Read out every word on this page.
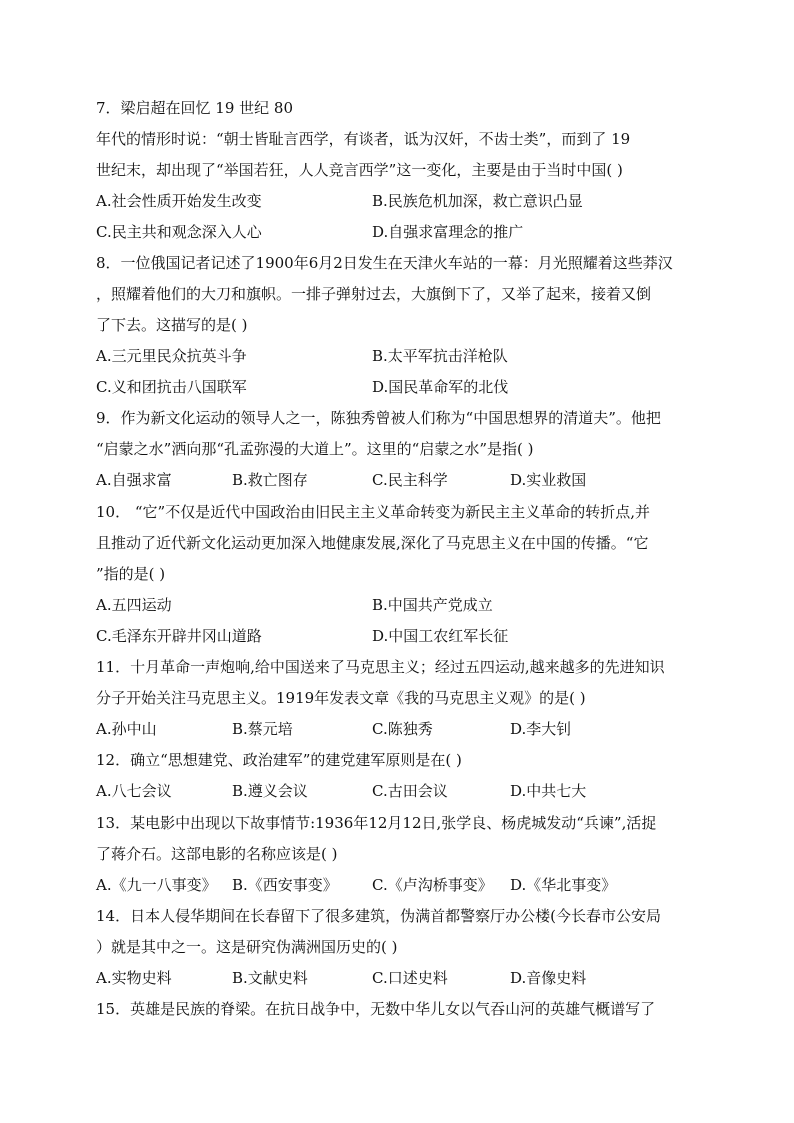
7．梁启超在回忆 19 世纪 80
年代的情形时说：“朝士皆耻言西学，有谈者，诋为汉奸，不齿士类”，而到了 19
世纪末，却出现了“举国若狂，人人竞言西学”这一变化，主要是由于当时中国( )
A.社会性质开始发生改变	B.民族危机加深，救亡意识凸显
C.民主共和观念深入人心	D.自强求富理念的推广
8．一位俄国记者记述了1900年6月2日发生在天津火车站的一幕：月光照耀着这些莽汉
，照耀着他们的大刀和旗帜。一排子弹射过去，大旗倒下了，又举了起来，接着又倒
了下去。这描写的是( )
A.三元里民众抗英斗争	B.太平军抗击洋枪队
C.义和团抗击八国联军	D.国民革命军的北伐
9．作为新文化运动的领导人之一，陈独秀曾被人们称为“中国思想界的清道夫”。他把
“启蒙之水”洒向那“孔孟弥漫的大道上”。这里的“启蒙之水”是指( )
A.自强求富	B.救亡图存	C.民主科学	D.实业救国
10． “它”不仅是近代中国政治由旧民主主义革命转变为新民主主义革命的转折点,并
且推动了近代新文化运动更加深入地健康发展,深化了马克思主义在中国的传播。“它
”指的是( )
A.五四运动	B.中国共产党成立
C.毛泽东开辟井冈山道路	D.中国工农红军长征
11．十月革命一声炮响,给中国送来了马克思主义；经过五四运动,越来越多的先进知识
分子开始关注马克思主义。1919年发表文章《我的马克思主义观》的是( )
A.孙中山	B.蔡元培	C.陈独秀	D.李大钊
12．确立“思想建党、政治建军”的建党建军原则是在( )
A.八七会议	B.遵义会议	C.古田会议	D.中共七大
13．某电影中出现以下故事情节:1936年12月12日,张学良、杨虎城发动“兵谏”,活捉
了蒋介石。这部电影的名称应该是( )
A.《九一八事变》 B.《西安事变》 C.《卢沟桥事变》 D.《华北事变》
14．日本人侵华期间在长春留下了很多建筑，伪满首都警察厅办公楼(今长春市公安局
）就是其中之一。这是研究伪满洲国历史的( )
A.实物史料	B.文献史料	C.口述史料	D.音像史料
15．英雄是民族的脊梁。在抗日战争中，无数中华儿女以气吞山河的英雄气概谱写了
